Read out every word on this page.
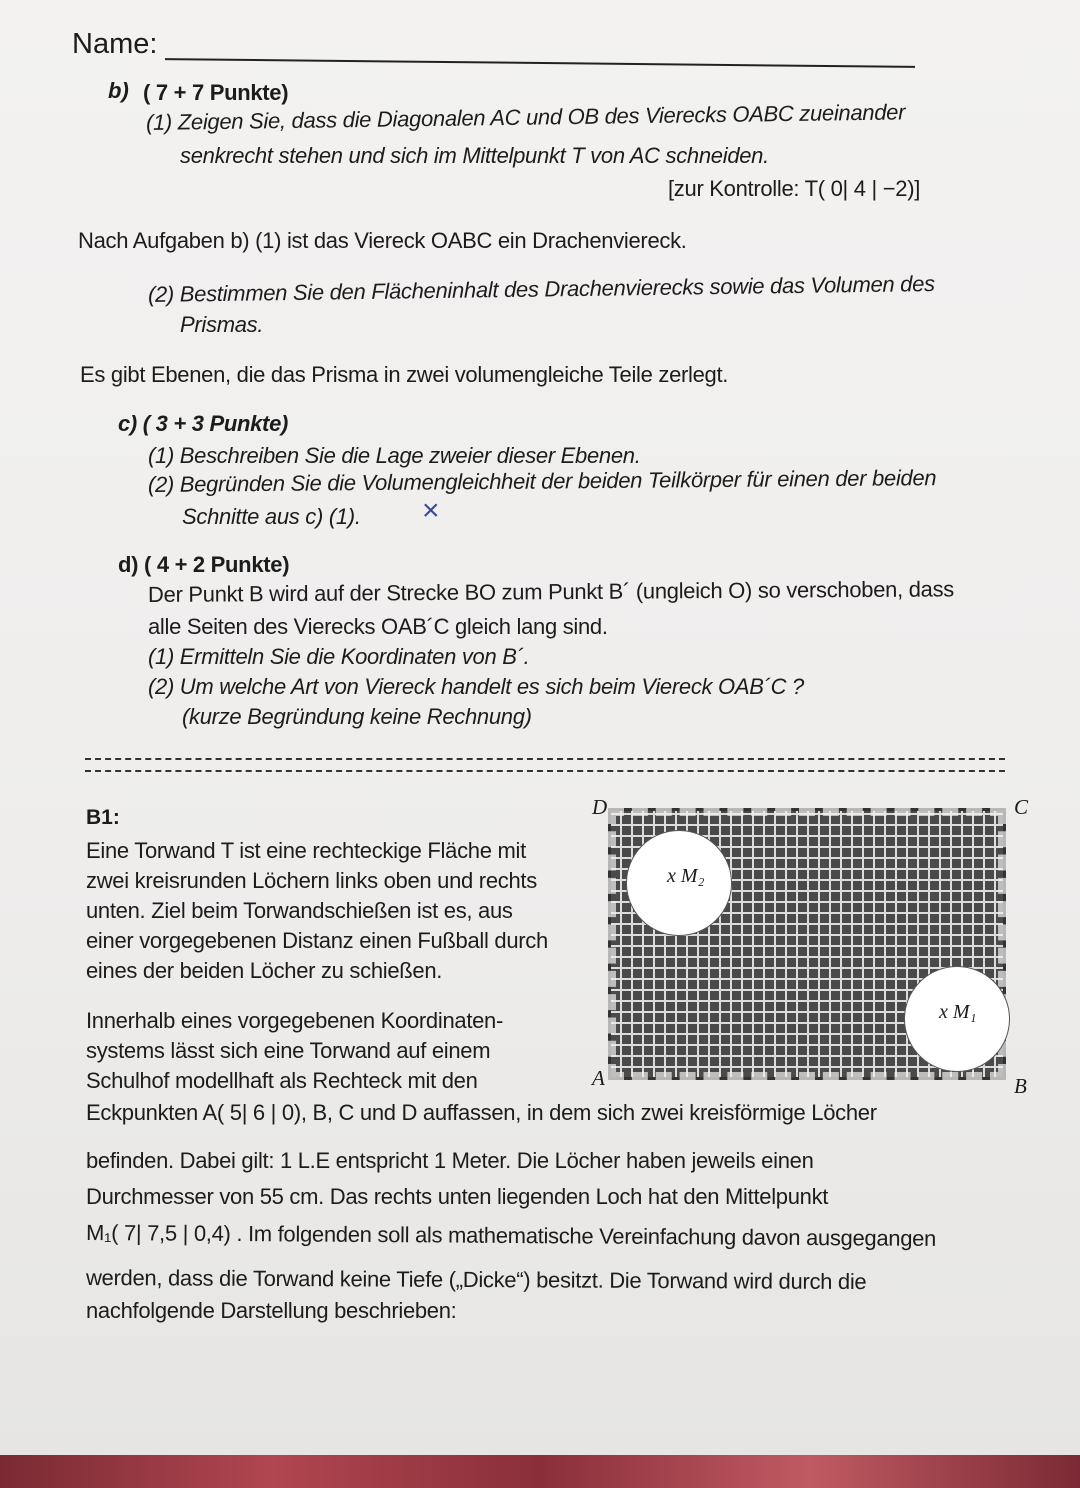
Name:
b) ( 7 + 7 Punkte)
(1) Zeigen Sie, dass die Diagonalen AC und OB des Vierecks OABC zueinander
senkrecht stehen und sich im Mittelpunkt T von AC schneiden.
[zur Kontrolle: T( 0| 4 | −2)]
Nach Aufgaben b) (1) ist das Viereck OABC ein Drachenviereck.
(2) Bestimmen Sie den Flächeninhalt des Drachenvierecks sowie das Volumen des
Prismas.
Es gibt Ebenen, die das Prisma in zwei volumengleiche Teile zerlegt.
c) ( 3 + 3 Punkte)
(1) Beschreiben Sie die Lage zweier dieser Ebenen.
(2) Begründen Sie die Volumengleichheit der beiden Teilkörper für einen der beiden
Schnitte aus c) (1). ×
d) ( 4 + 2 Punkte)
Der Punkt B wird auf der Strecke BO zum Punkt B´ (ungleich O) so verschoben, dass
alle Seiten des Vierecks OAB´C gleich lang sind.
(1) Ermitteln Sie die Koordinaten von B´.
(2) Um welche Art von Viereck handelt es sich beim Viereck OAB´C ?
(kurze Begründung keine Rechnung)
B1:
Eine Torwand T ist eine rechteckige Fläche mit
zwei kreisrunden Löchern links oben und rechts
unten. Ziel beim Torwandschießen ist es, aus
einer vorgegebenen Distanz einen Fußball durch
eines der beiden Löcher zu schießen.
Innerhalb eines vorgegebenen Koordinaten-
systems lässt sich eine Torwand auf einem
Schulhof modellhaft als Rechteck mit den
Eckpunkten A( 5| 6 | 0), B, C und D auffassen, in dem sich zwei kreisförmige Löcher
befinden. Dabei gilt: 1 L.E entspricht 1 Meter. Die Löcher haben jeweils einen
Durchmesser von 55 cm. Das rechts unten liegenden Loch hat den Mittelpunkt
M₁( 7| 7,5 | 0,4) . Im folgenden soll als mathematische Vereinfachung davon ausgegangen
werden, dass die Torwand keine Tiefe („Dicke“) besitzt. Die Torwand wird durch die
nachfolgende Darstellung beschrieben:
x M₂
x M₁
D	C
A	B
